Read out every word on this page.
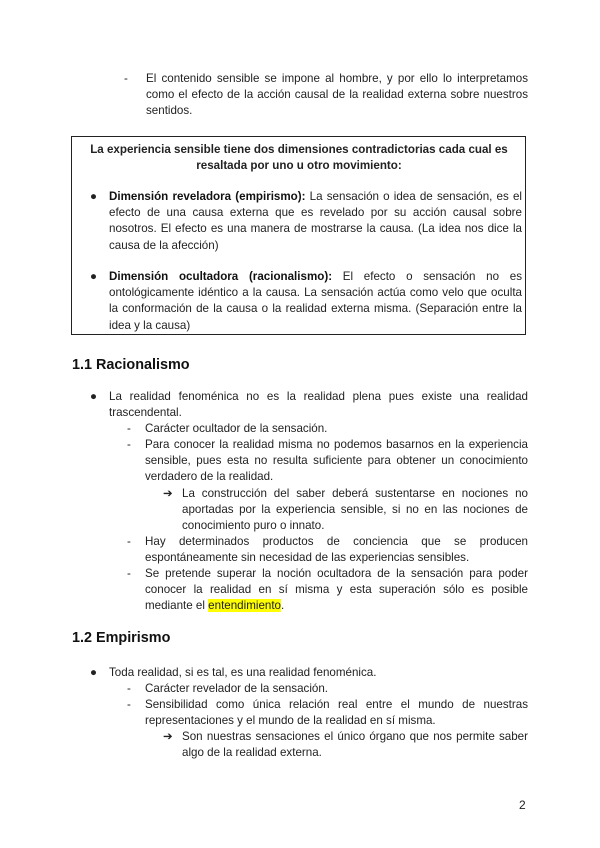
-	El contenido sensible se impone al hombre, y por ello lo interpretamos como el efecto de la acción causal de la realidad externa sobre nuestros sentidos.
La experiencia sensible tiene dos dimensiones contradictorias cada cual es resaltada por uno u otro movimiento:
●	Dimensión reveladora (empirismo): La sensación o idea de sensación, es el efecto de una causa externa que es revelado por su acción causal sobre nosotros. El efecto es una manera de mostrarse la causa. (La idea nos dice la causa de la afección)
●	Dimensión ocultadora (racionalismo): El efecto o sensación no es ontológicamente idéntico a la causa. La sensación actúa como velo que oculta la conformación de la causa o la realidad externa misma. (Separación entre la idea y la causa)
1.1 Racionalismo
●	La realidad fenoménica no es la realidad plena pues existe una realidad trascendental.
-	Carácter ocultador de la sensación.
-	Para conocer la realidad misma no podemos basarnos en la experiencia sensible, pues esta no resulta suficiente para obtener un conocimiento verdadero de la realidad.
➔ La construcción del saber deberá sustentarse en nociones no aportadas por la experiencia sensible, si no en las nociones de conocimiento puro o innato.
-	Hay determinados productos de conciencia que se producen espontáneamente sin necesidad de las experiencias sensibles.
-	Se pretende superar la noción ocultadora de la sensación para poder conocer la realidad en sí misma y esta superación sólo es posible mediante el entendimiento.
1.2 Empirismo
●	Toda realidad, si es tal, es una realidad fenoménica.
-	Carácter revelador de la sensación.
-	Sensibilidad como única relación real entre el mundo de nuestras representaciones y el mundo de la realidad en sí misma.
➔ Son nuestras sensaciones el único órgano que nos permite saber algo de la realidad externa.
2
